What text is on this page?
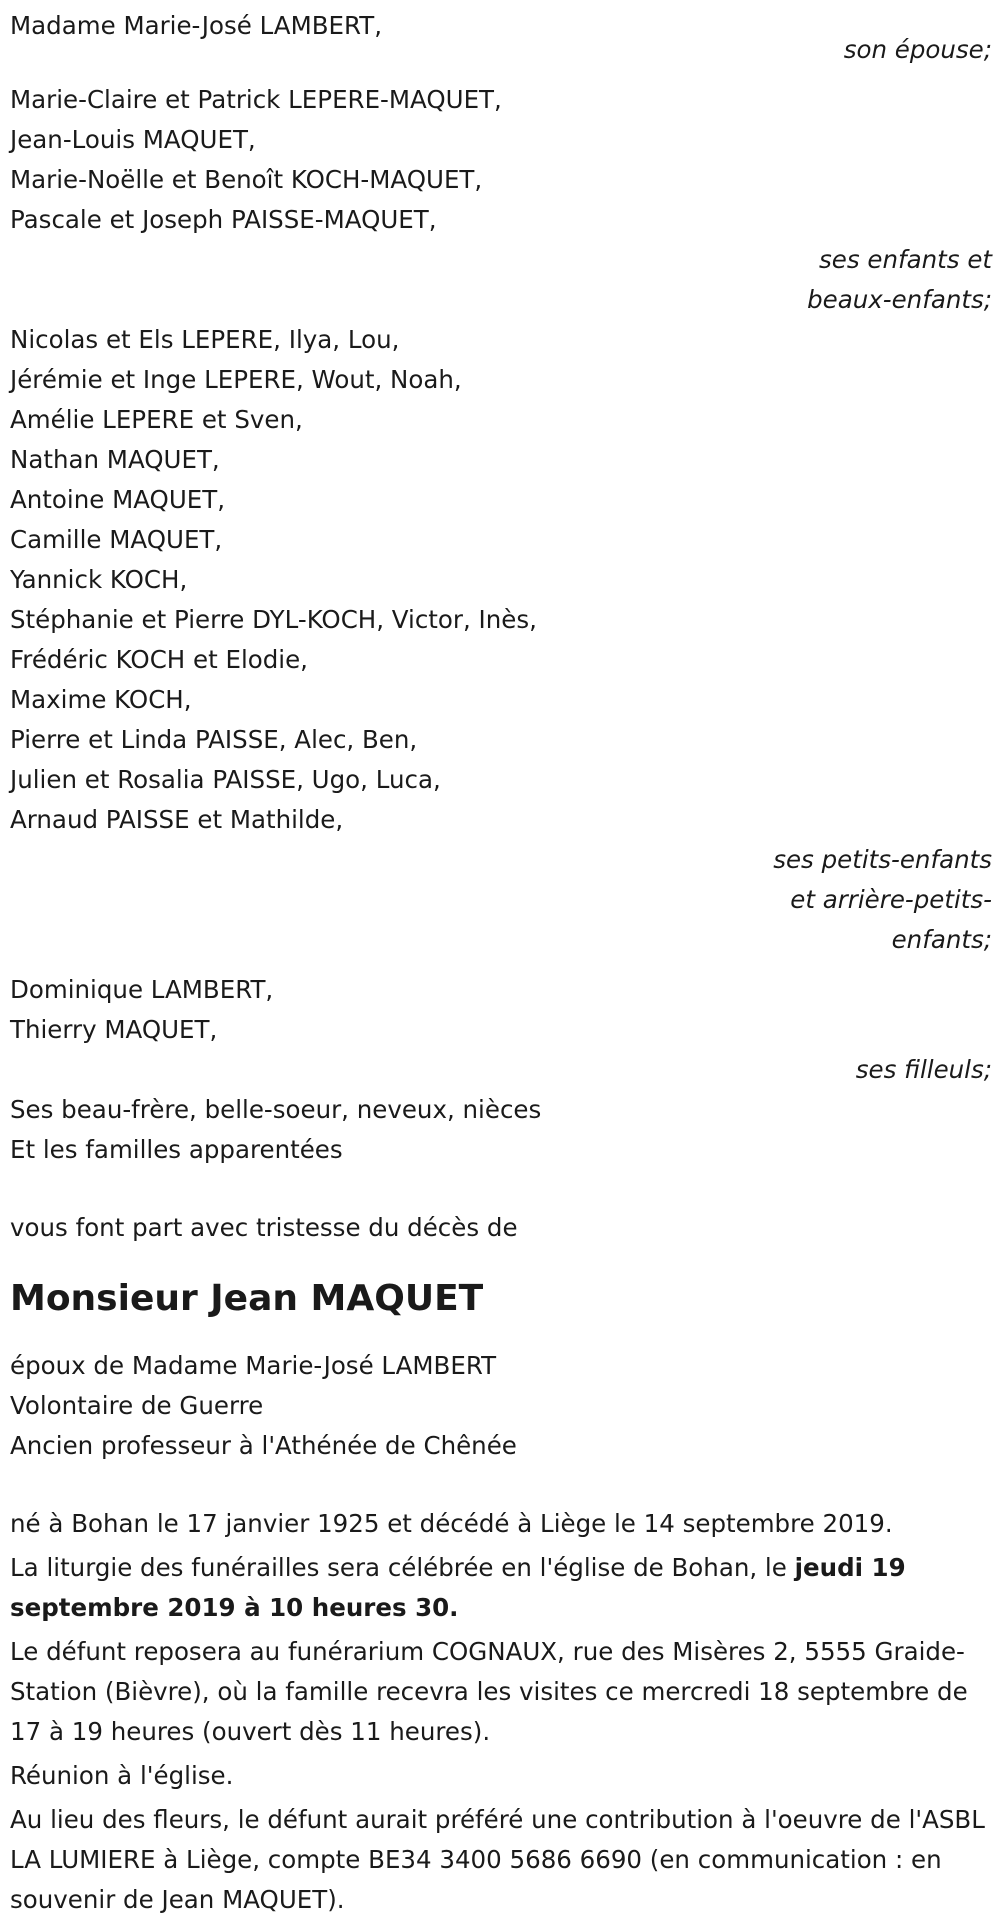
Madame Marie-José LAMBERT,
son épouse;
Marie-Claire et Patrick LEPERE-MAQUET,
Jean-Louis MAQUET,
Marie-Noëlle et Benoît KOCH-MAQUET,
Pascale et Joseph PAISSE-MAQUET,
ses enfants et
beaux-enfants;
Nicolas et Els LEPERE, Ilya, Lou,
Jérémie et Inge LEPERE, Wout, Noah,
Amélie LEPERE et Sven,
Nathan MAQUET,
Antoine MAQUET,
Camille MAQUET,
Yannick KOCH,
Stéphanie et Pierre DYL-KOCH, Victor, Inès,
Frédéric KOCH et Elodie,
Maxime KOCH,
Pierre et Linda PAISSE, Alec, Ben,
Julien et Rosalia PAISSE, Ugo, Luca,
Arnaud PAISSE et Mathilde,
ses petits-enfants
et arrière-petits-
enfants;
Dominique LAMBERT,
Thierry MAQUET,
ses filleuls;
Ses beau-frère, belle-soeur, neveux, nièces
Et les familles apparentées
vous font part avec tristesse du décès de
Monsieur Jean MAQUET
époux de Madame Marie-José LAMBERT
Volontaire de Guerre
Ancien professeur à l'Athénée de Chênée
né à Bohan le 17 janvier 1925 et décédé à Liège le 14 septembre 2019.
La liturgie des funérailles sera célébrée en l'église de Bohan, le jeudi 19 septembre 2019 à 10 heures 30.
Le défunt reposera au funérarium COGNAUX, rue des Misères 2, 5555 Graide-Station (Bièvre), où la famille recevra les visites ce mercredi 18 septembre de 17 à 19 heures (ouvert dès 11 heures).
Réunion à l'église.
Au lieu des fleurs, le défunt aurait préféré une contribution à l'oeuvre de l'ASBL LA LUMIERE à Liège, compte BE34 3400 5686 6690 (en communication : en souvenir de Jean MAQUET).
